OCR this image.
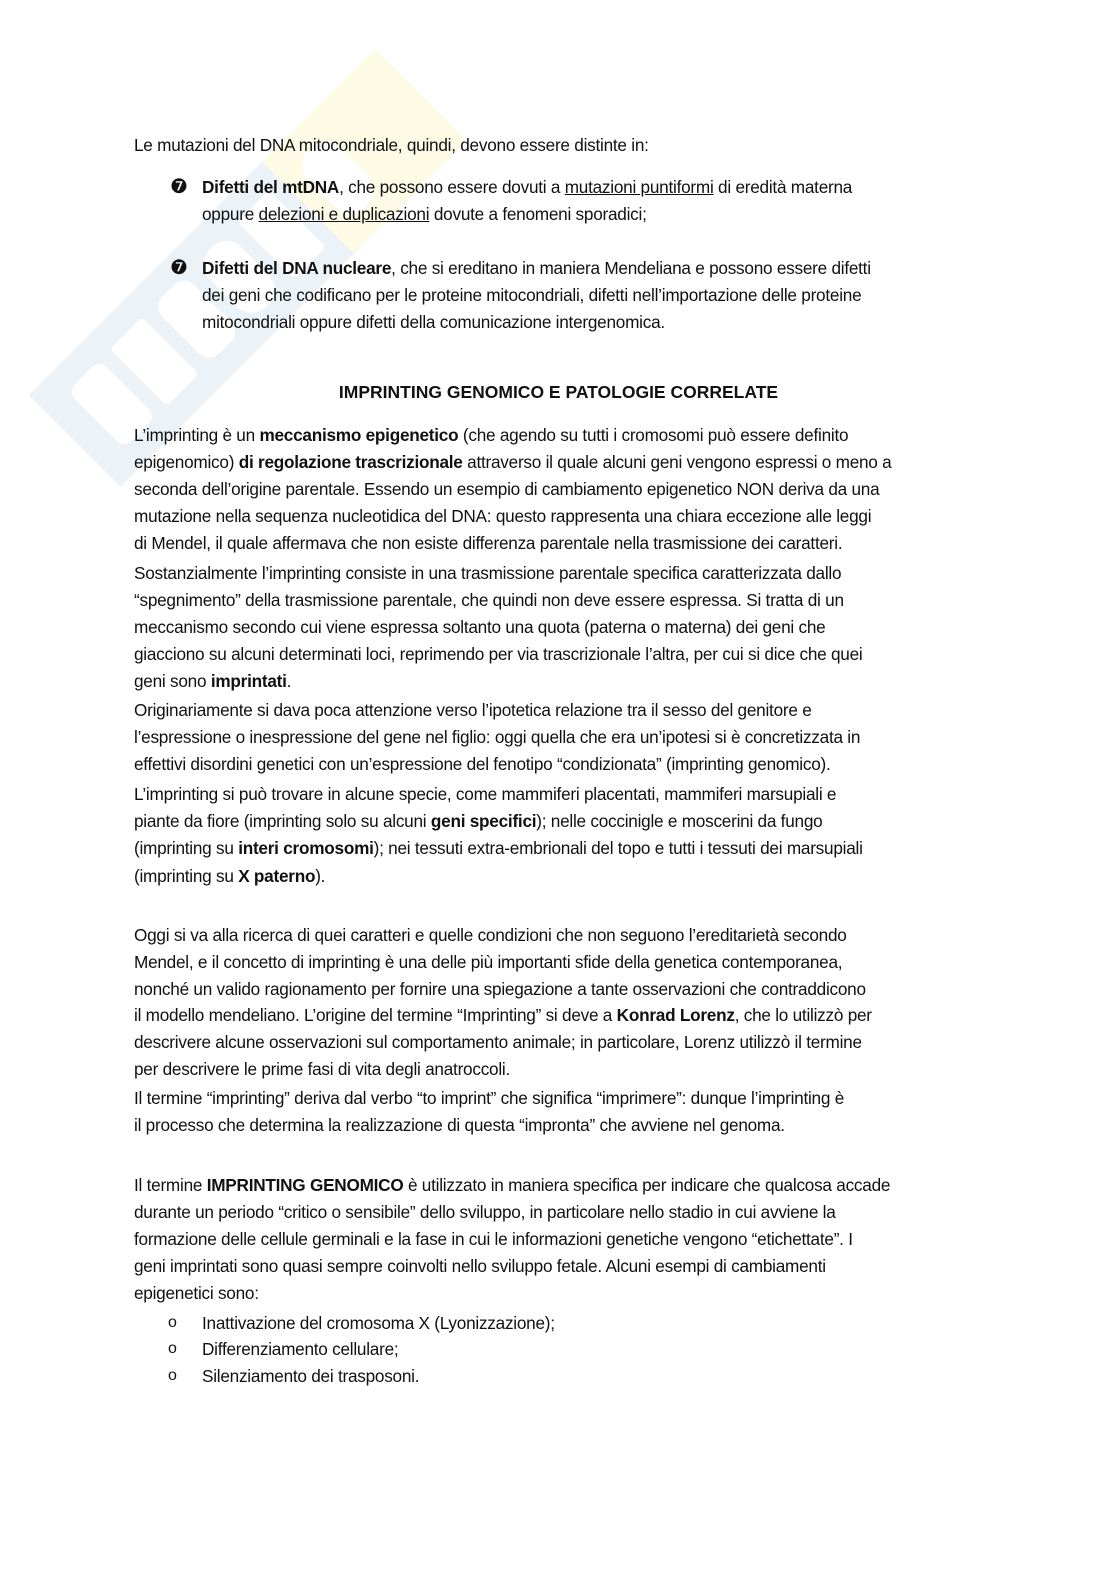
Le mutazioni del DNA mitocondriale, quindi, devono essere distinte in:
Difetti del mtDNA, che possono essere dovuti a mutazioni puntiformi di eredità materna
❼
oppure delezioni e duplicazioni dovute a fenomeni sporadici;
Difetti del DNA nucleare, che si ereditano in maniera Mendeliana e possono essere difetti
❼
dei geni che codificano per le proteine mitocondriali, difetti nell’importazione delle proteine
mitocondriali oppure difetti della comunicazione intergenomica.
IMPRINTING GENOMICO E PATOLOGIE CORRELATE
L’imprinting è un meccanismo epigenetico (che agendo su tutti i cromosomi può essere definito
epigenomico) di regolazione trascrizionale attraverso il quale alcuni geni vengono espressi o meno a
seconda dell’origine parentale. Essendo un esempio di cambiamento epigenetico NON deriva da una
mutazione nella sequenza nucleotidica del DNA: questo rappresenta una chiara eccezione alle leggi
di Mendel, il quale affermava che non esiste differenza parentale nella trasmissione dei caratteri.
Sostanzialmente l’imprinting consiste in una trasmissione parentale specifica caratterizzata dallo
“spegnimento” della trasmissione parentale, che quindi non deve essere espressa. Si tratta di un
meccanismo secondo cui viene espressa soltanto una quota (paterna o materna) dei geni che
giacciono su alcuni determinati loci, reprimendo per via trascrizionale l’altra, per cui si dice che quei
geni sono imprintati.
Originariamente si dava poca attenzione verso l’ipotetica relazione tra il sesso del genitore e
l’espressione o inespressione del gene nel figlio: oggi quella che era un’ipotesi si è concretizzata in
effettivi disordini genetici con un’espressione del fenotipo “condizionata” (imprinting genomico).
L’imprinting si può trovare in alcune specie, come mammiferi placentati, mammiferi marsupiali e
piante da fiore (imprinting solo su alcuni geni specifici); nelle coccinigle e moscerini da fungo
(imprinting su interi cromosomi); nei tessuti extra-embrionali del topo e tutti i tessuti dei marsupiali
(imprinting su X paterno).
Oggi si va alla ricerca di quei caratteri e quelle condizioni che non seguono l’ereditarietà secondo
Mendel, e il concetto di imprinting è una delle più importanti sfide della genetica contemporanea,
nonché un valido ragionamento per fornire una spiegazione a tante osservazioni che contraddicono
il modello mendeliano. L’origine del termine “Imprinting” si deve a Konrad Lorenz, che lo utilizzò per
descrivere alcune osservazioni sul comportamento animale; in particolare, Lorenz utilizzò il termine
per descrivere le prime fasi di vita degli anatroccoli.
Il termine “imprinting” deriva dal verbo “to imprint” che significa “imprimere”: dunque l’imprinting è
il processo che determina la realizzazione di questa “impronta” che avviene nel genoma.
Il termine IMPRINTING GENOMICO è utilizzato in maniera specifica per indicare che qualcosa accade
durante un periodo “critico o sensibile” dello sviluppo, in particolare nello stadio in cui avviene la
formazione delle cellule germinali e la fase in cui le informazioni genetiche vengono “etichettate”. I
geni imprintati sono quasi sempre coinvolti nello sviluppo fetale. Alcuni esempi di cambiamenti
epigenetici sono:
Inattivazione del cromosoma X (Lyonizzazione);
o
Differenziamento cellulare;
o
Silenziamento dei trasposoni.
o
